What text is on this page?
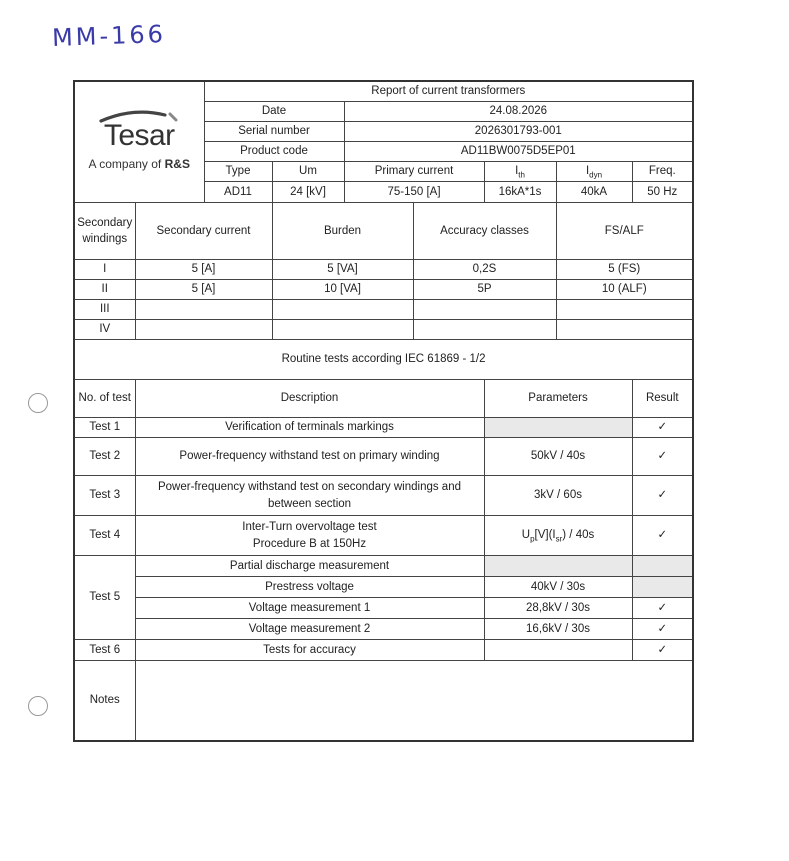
MM-166
Tesar
A company of R&S		Report of current transformers						
		Date		24.08.2026				
		Serial number		2026301793-001				
		Product code		AD11BW0075D5EP01				
		Type	Um	Primary current		$I_{th}$	$I_{dyn}$	Freq.
		AD11	24 [kV]	75-150 [A]		16kA*1s	40kA	50 Hz
Secondary windings	Secondary current		Burden		Accuracy classes		FS/ALF	
I	5 [A]		5 [VA]		0,2S		5 (FS)	
II	5 [A]		10 [VA]		5P		10 (ALF)	
III								
IV								
Routine tests according IEC 61869 - 1/2								
No. of test	Description					Parameters		Result
Test 1	Verification of terminals markings							✓
Test 2	Power-frequency withstand test on primary winding					50kV / 40s		✓
Test 3	Power-frequency withstand test on secondary windings and
between section					3kV / 60s		✓
Test 4	Inter-Turn overvoltage test
Procedure B at 150Hz					$U_p[V](I_{sr}) / 40s$		✓
Test 5	Partial discharge measurement							
	Prestress voltage					40kV / 30s		
	Voltage measurement 1					28,8kV / 30s		✓
	Voltage measurement 2					16,6kV / 30s		✓
Test 6	Tests for accuracy							✓
Notes								
